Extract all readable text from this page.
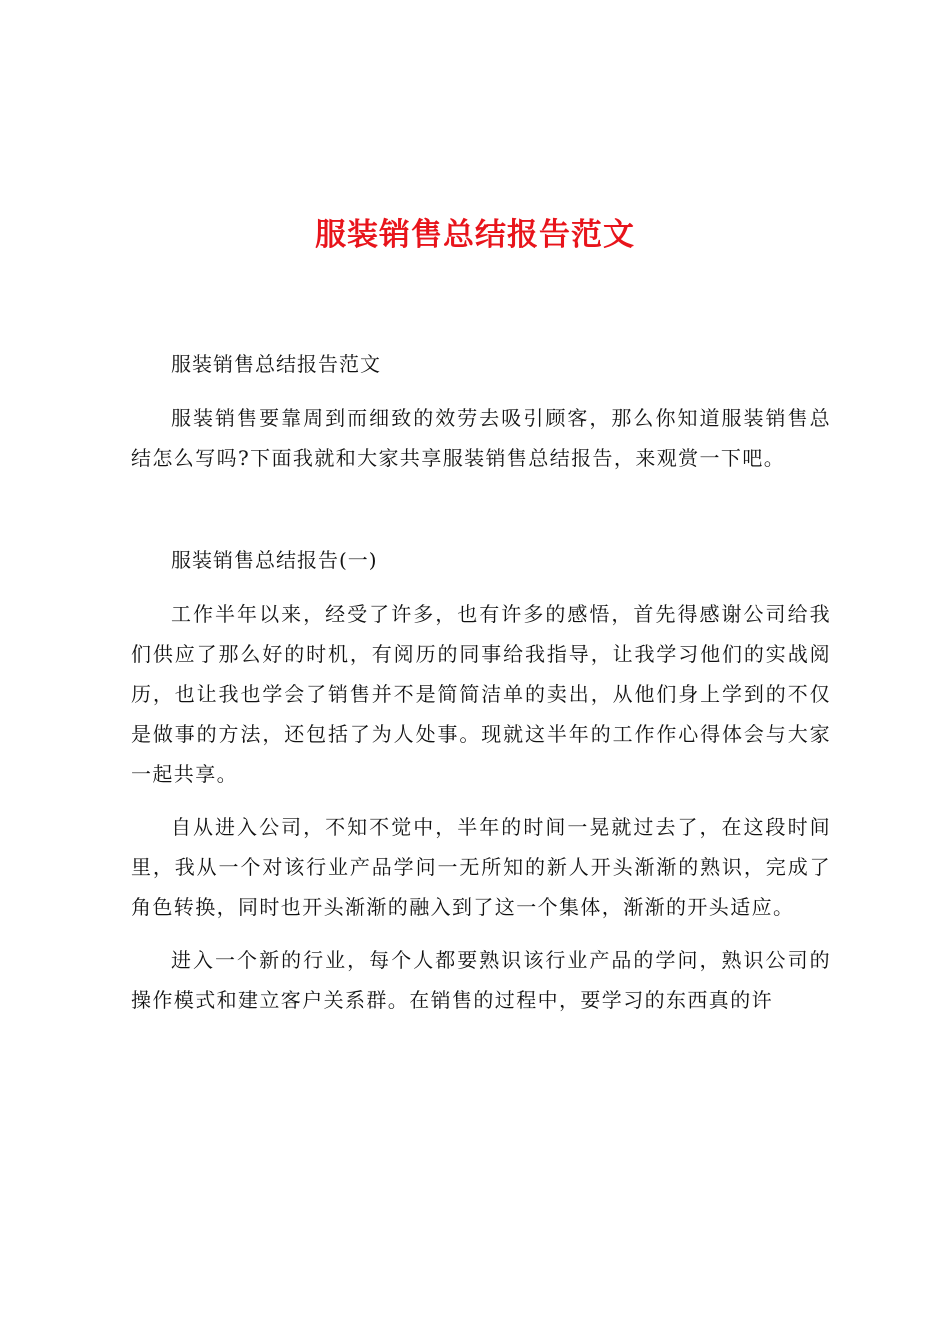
服装销售总结报告范文

服装销售总结报告范文

服装销售要靠周到而细致的效劳去吸引顾客，那么你知道服装销售总结怎么写吗?下面我就和大家共享服装销售总结报告，来观赏一下吧。

服装销售总结报告(一)

工作半年以来，经受了许多，也有许多的感悟，首先得感谢公司给我们供应了那么好的时机，有阅历的同事给我指导，让我学习他们的实战阅历，也让我也学会了销售并不是简简洁单的卖出，从他们身上学到的不仅是做事的方法，还包括了为人处事。现就这半年的工作作心得体会与大家一起共享。

自从进入公司，不知不觉中，半年的时间一晃就过去了，在这段时间里，我从一个对该行业产品学问一无所知的新人开头渐渐的熟识，完成了角色转换，同时也开头渐渐的融入到了这一个集体，渐渐的开头适应。

进入一个新的行业，每个人都要熟识该行业产品的学问，熟识公司的操作模式和建立客户关系群。在销售的过程中，要学习的东西真的许
